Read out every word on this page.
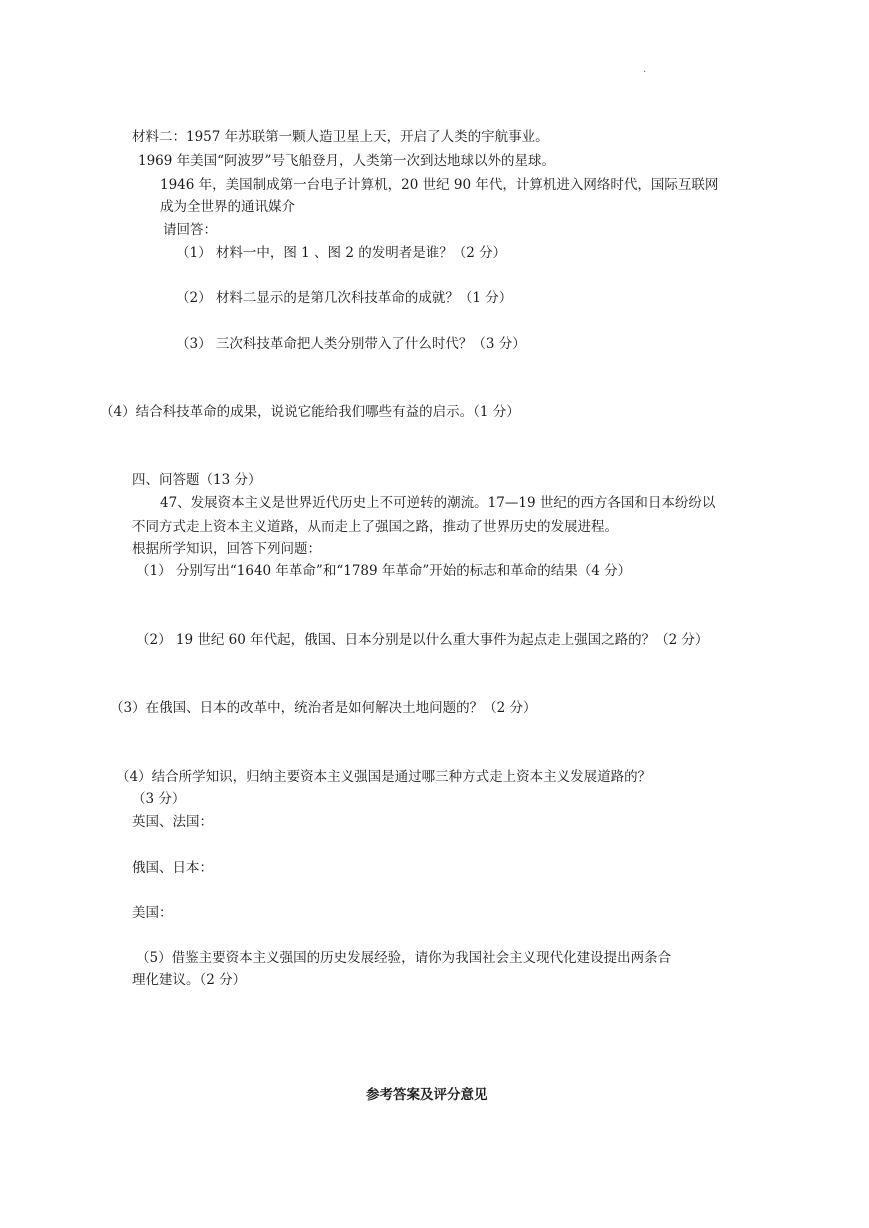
.
材料二：1957 年苏联第一颗人造卫星上天，开启了人类的宇航事业。
1969 年美国“阿波罗”号飞船登月，人类第一次到达地球以外的星球。
1946 年，美国制成第一台电子计算机，20 世纪 90 年代，计算机进入网络时代，国际互联网
成为全世界的通讯媒介
请回答：
（1） 材料一中，图 1 、图 2 的发明者是谁？（2 分）
（2） 材料二显示的是第几次科技革命的成就？（1 分）
（3） 三次科技革命把人类分别带入了什么时代？（3 分）
（4）结合科技革命的成果，说说它能给我们哪些有益的启示。（1 分）
四、问答题（13 分）
47、发展资本主义是世界近代历史上不可逆转的潮流。17—19 世纪的西方各国和日本纷纷以
不同方式走上资本主义道路，从而走上了强国之路，推动了世界历史的发展进程。
根据所学知识，回答下列问题：
（1） 分别写出“1640 年革命”和“1789 年革命”开始的标志和革命的结果（4 分）
（2） 19 世纪 60 年代起，俄国、日本分别是以什么重大事件为起点走上强国之路的？（2 分）
（3）在俄国、日本的改革中，统治者是如何解决土地问题的？（2 分）
（4）结合所学知识，归纳主要资本主义强国是通过哪三种方式走上资本主义发展道路的？
（3 分）
英国、法国：
俄国、日本：
美国：
（5）借鉴主要资本主义强国的历史发展经验，请你为我国社会主义现代化建设提出两条合
理化建议。（2 分）
参考答案及评分意见
